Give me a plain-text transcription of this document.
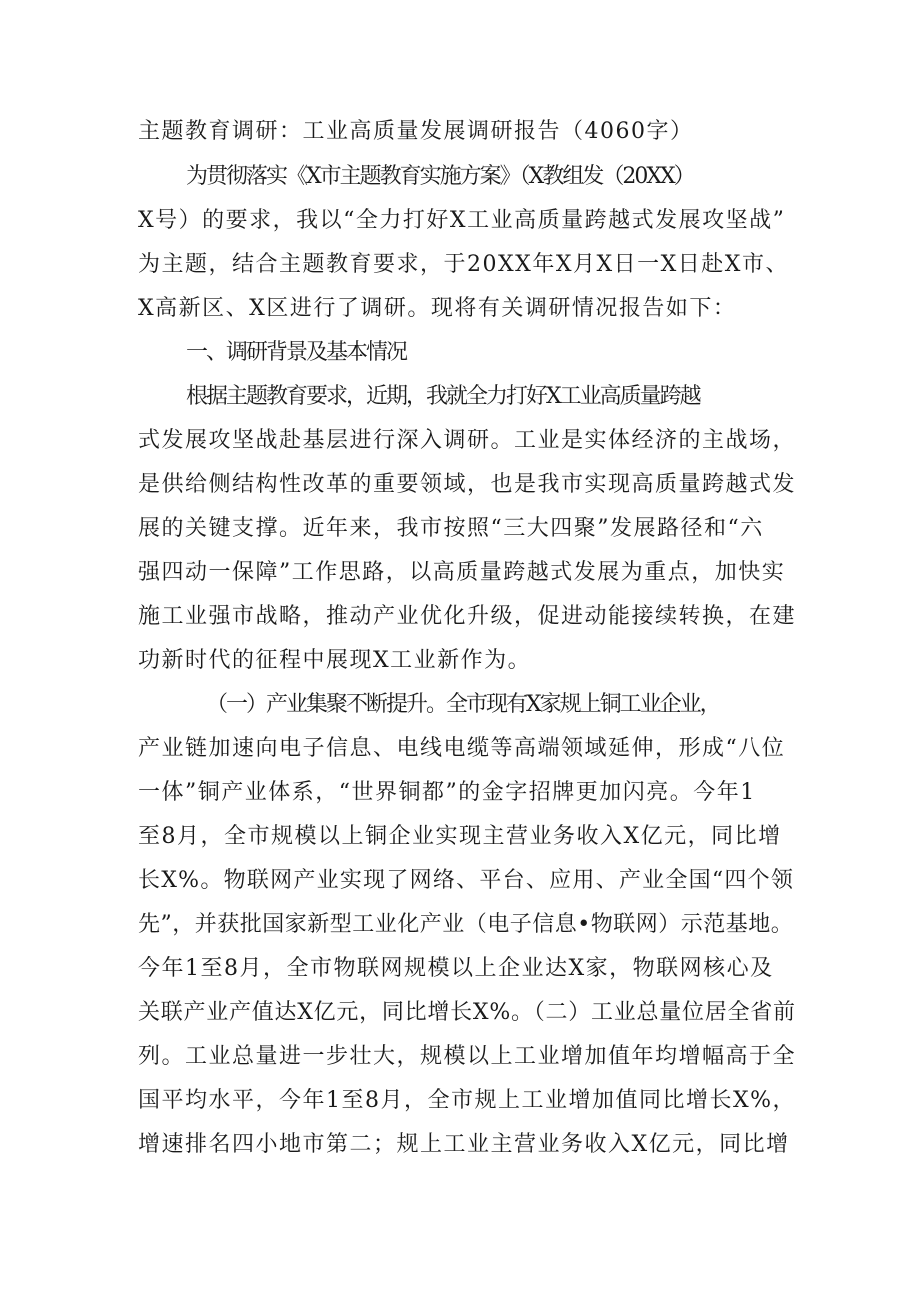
主题教育调研：工业高质量发展调研报告（4060字）
为贯彻落实《X市主题教育实施方案》（X教组发（20XX）
X号）的要求，我以“全力打好X工业高质量跨越式发展攻坚战”
为主题，结合主题教育要求，于20XX年X月X日一X日赴X市、
X高新区、X区进行了调研。现将有关调研情况报告如下：
一、调研背景及基本情况
根据主题教育要求，近期，我就全力打好X工业高质量跨越
式发展攻坚战赴基层进行深入调研。工业是实体经济的主战场，
是供给侧结构性改革的重要领域，也是我市实现高质量跨越式发
展的关键支撑。近年来，我市按照“三大四聚”发展路径和“六
强四动一保障”工作思路，以高质量跨越式发展为重点，加快实
施工业强市战略，推动产业优化升级，促进动能接续转换，在建
功新时代的征程中展现X工业新作为。
（一）产业集聚不断提升。全市现有X家规上铜工业企业，
产业链加速向电子信息、电线电缆等高端领域延伸，形成“八位
一体”铜产业体系，“世界铜都”的金字招牌更加闪亮。今年1
至8月，全市规模以上铜企业实现主营业务收入X亿元，同比增
长X%。物联网产业实现了网络、平台、应用、产业全国“四个领
先”，并获批国家新型工业化产业（电子信息•物联网）示范基地。
今年1至8月，全市物联网规模以上企业达X家，物联网核心及
关联产业产值达X亿元，同比增长X%。（二）工业总量位居全省前
列。工业总量进一步壮大，规模以上工业增加值年均增幅高于全
国平均水平，今年1至8月，全市规上工业增加值同比增长X%，
增速排名四小地市第二；规上工业主营业务收入X亿元，同比增
